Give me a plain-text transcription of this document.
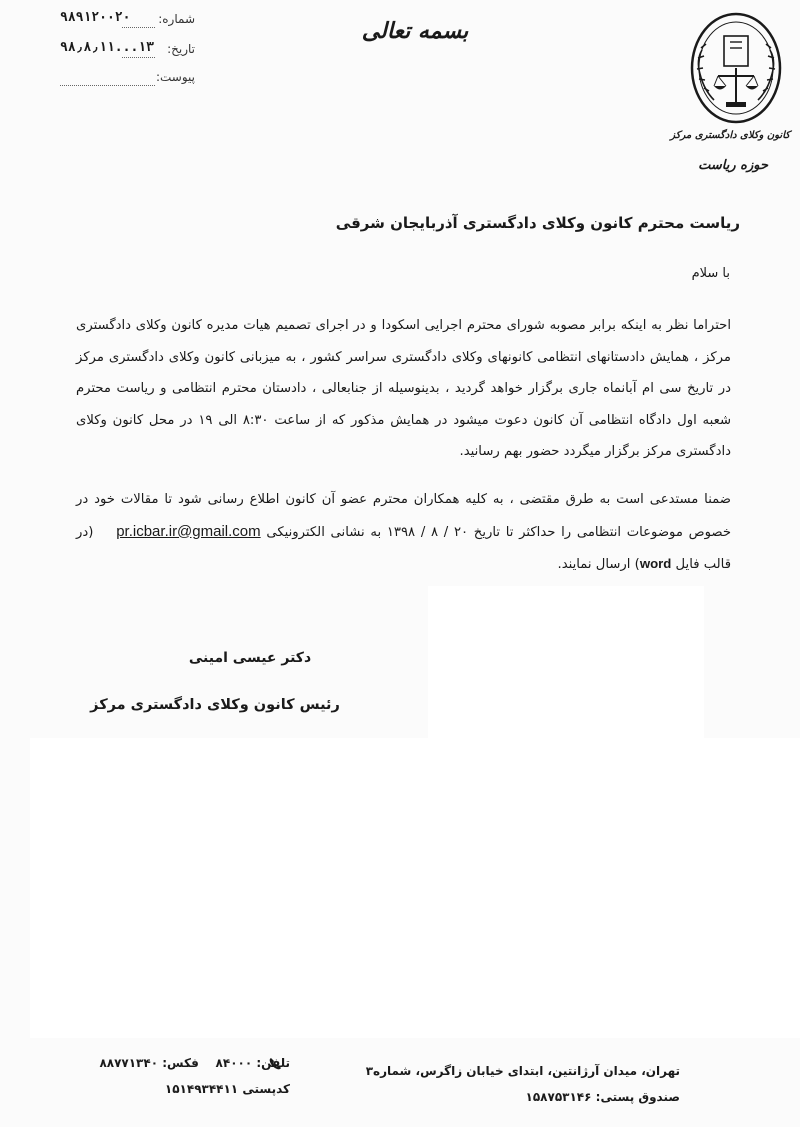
شماره:
۹۸۹۱۲۰۰۲۰
تاریخ:
۱۳...۹۸٫۸٫۱۱
پیوست:
بسمه تعالی
کانون وکلای دادگستری مرکز
حوزه ریاست
ریاست محترم کانون وکلای دادگستری آذربایجان شرقی
با سلام
احتراما نظر به اینکه برابر مصوبه شورای محترم اجرایی اسکودا و در اجرای تصمیم هیات مدیره کانون وکلای دادگستری مرکز ، همایش دادستانهای انتظامی کانونهای وکلای دادگستری سراسر کشور ، به میزبانی کانون وکلای دادگستری مرکز در تاریخ سی ام آبانماه جاری برگزار خواهد گردید ، بدینوسیله از جنابعالی ، دادستان محترم انتظامی و ریاست محترم شعبه اول دادگاه انتظامی آن کانون دعوت میشود در همایش مذکور که از ساعت ۸:۳۰ الی ۱۹ در محل کانون وکلای دادگستری مرکز برگزار میگردد حضور بهم رسانید.
ضمنا مستدعی است به طرق مقتضی ، به کلیه همکاران محترم عضو آن کانون اطلاع رسانی شود تا مقالات خود در خصوص موضوعات انتظامی را حداکثر تا تاریخ ۲۰ / ۸ / ۱۳۹۸ به نشانی الکترونیکی pr.icbar.ir@gmail.com    (در قالب فایل word) ارسال نمایند.
دکتر عیسی امینی
رئیس کانون وکلای دادگستری مرکز
تلفن: ۸۴۰۰۰    فکس: ۸۸۷۷۱۳۴۰
کدپستی ۱۵۱۴۹۳۴۴۱۱
تهران، میدان آرژانتین، ابتدای خیابان زاگرس، شماره۳
صندوق پستی: ۱۵۸۷۵۳۱۴۶
